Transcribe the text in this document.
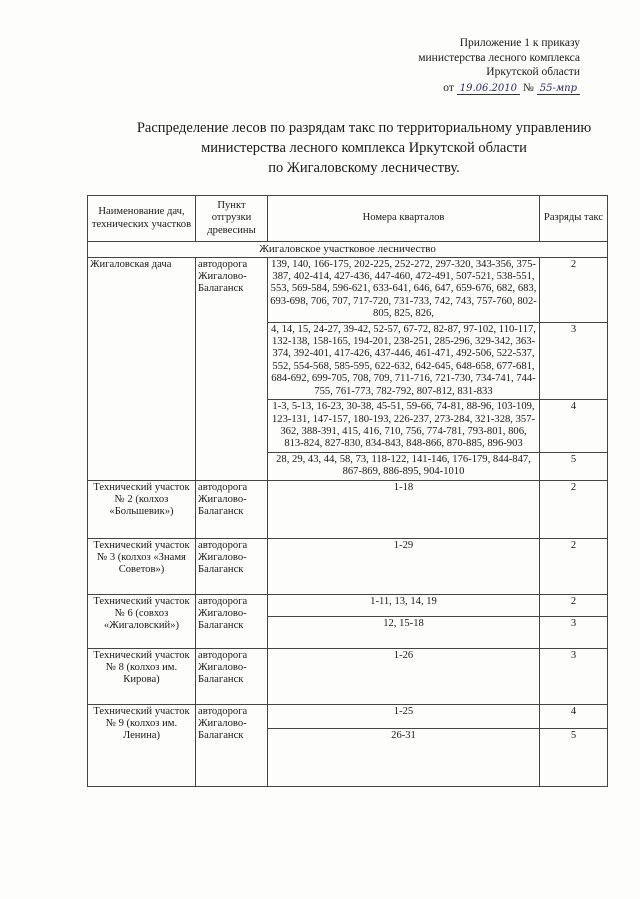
Приложение 1 к приказу
министерства лесного комплекса
Иркутской области
от 19.06.2010 № 55-мпр
Распределение лесов по разрядам такс по территориальному управлению
министерства лесного комплекса Иркутской области
по Жигаловскому лесничеству.
Наименование дач, технических участков	Пункт отгрузки древесины	Номера кварталов	Разряды такс
Жигаловское участковое лесничество			
Жигаловская дача	автодорога Жигалово-Балаганск	139, 140, 166-175, 202-225, 252-272, 297-320, 343-356, 375-387, 402-414, 427-436, 447-460, 472-491, 507-521, 538-551, 553, 569-584, 596-621, 633-641, 646, 647, 659-676, 682, 683, 693-698, 706, 707, 717-720, 731-733, 742, 743, 757-760, 802-805, 825, 826,	2
		4, 14, 15, 24-27, 39-42, 52-57, 67-72, 82-87, 97-102, 110-117, 132-138, 158-165, 194-201, 238-251, 285-296, 329-342, 363-374, 392-401, 417-426, 437-446, 461-471, 492-506, 522-537, 552, 554-568, 585-595, 622-632, 642-645, 648-658, 677-681, 684-692, 699-705, 708, 709, 711-716, 721-730, 734-741, 744-755, 761-773, 782-792, 807-812, 831-833	3
		1-3, 5-13, 16-23, 30-38, 45-51, 59-66, 74-81, 88-96, 103-109, 123-131, 147-157, 180-193, 226-237, 273-284, 321-328, 357-362, 388-391, 415, 416, 710, 756, 774-781, 793-801, 806, 813-824, 827-830, 834-843, 848-866, 870-885, 896-903	4
		28, 29, 43, 44, 58, 73, 118-122, 141-146, 176-179, 844-847, 867-869, 886-895, 904-1010	5
Технический участок № 2 (колхоз «Большевик»)	автодорога Жигалово-Балаганск	1-18	2
Технический участок № 3 (колхоз «Знамя Советов»)	автодорога Жигалово-Балаганск	1-29	2
Технический участок № 6 (совхоз «Жигаловский»)	автодорога Жигалово-Балаганск	1-11, 13, 14, 19	2
		12, 15-18	3
Технический участок № 8 (колхоз им. Кирова)	автодорога Жигалово-Балаганск	1-26	3
Технический участок № 9 (колхоз им. Ленина)	автодорога Жигалово-Балаганск	1-25	4
		26-31	5
